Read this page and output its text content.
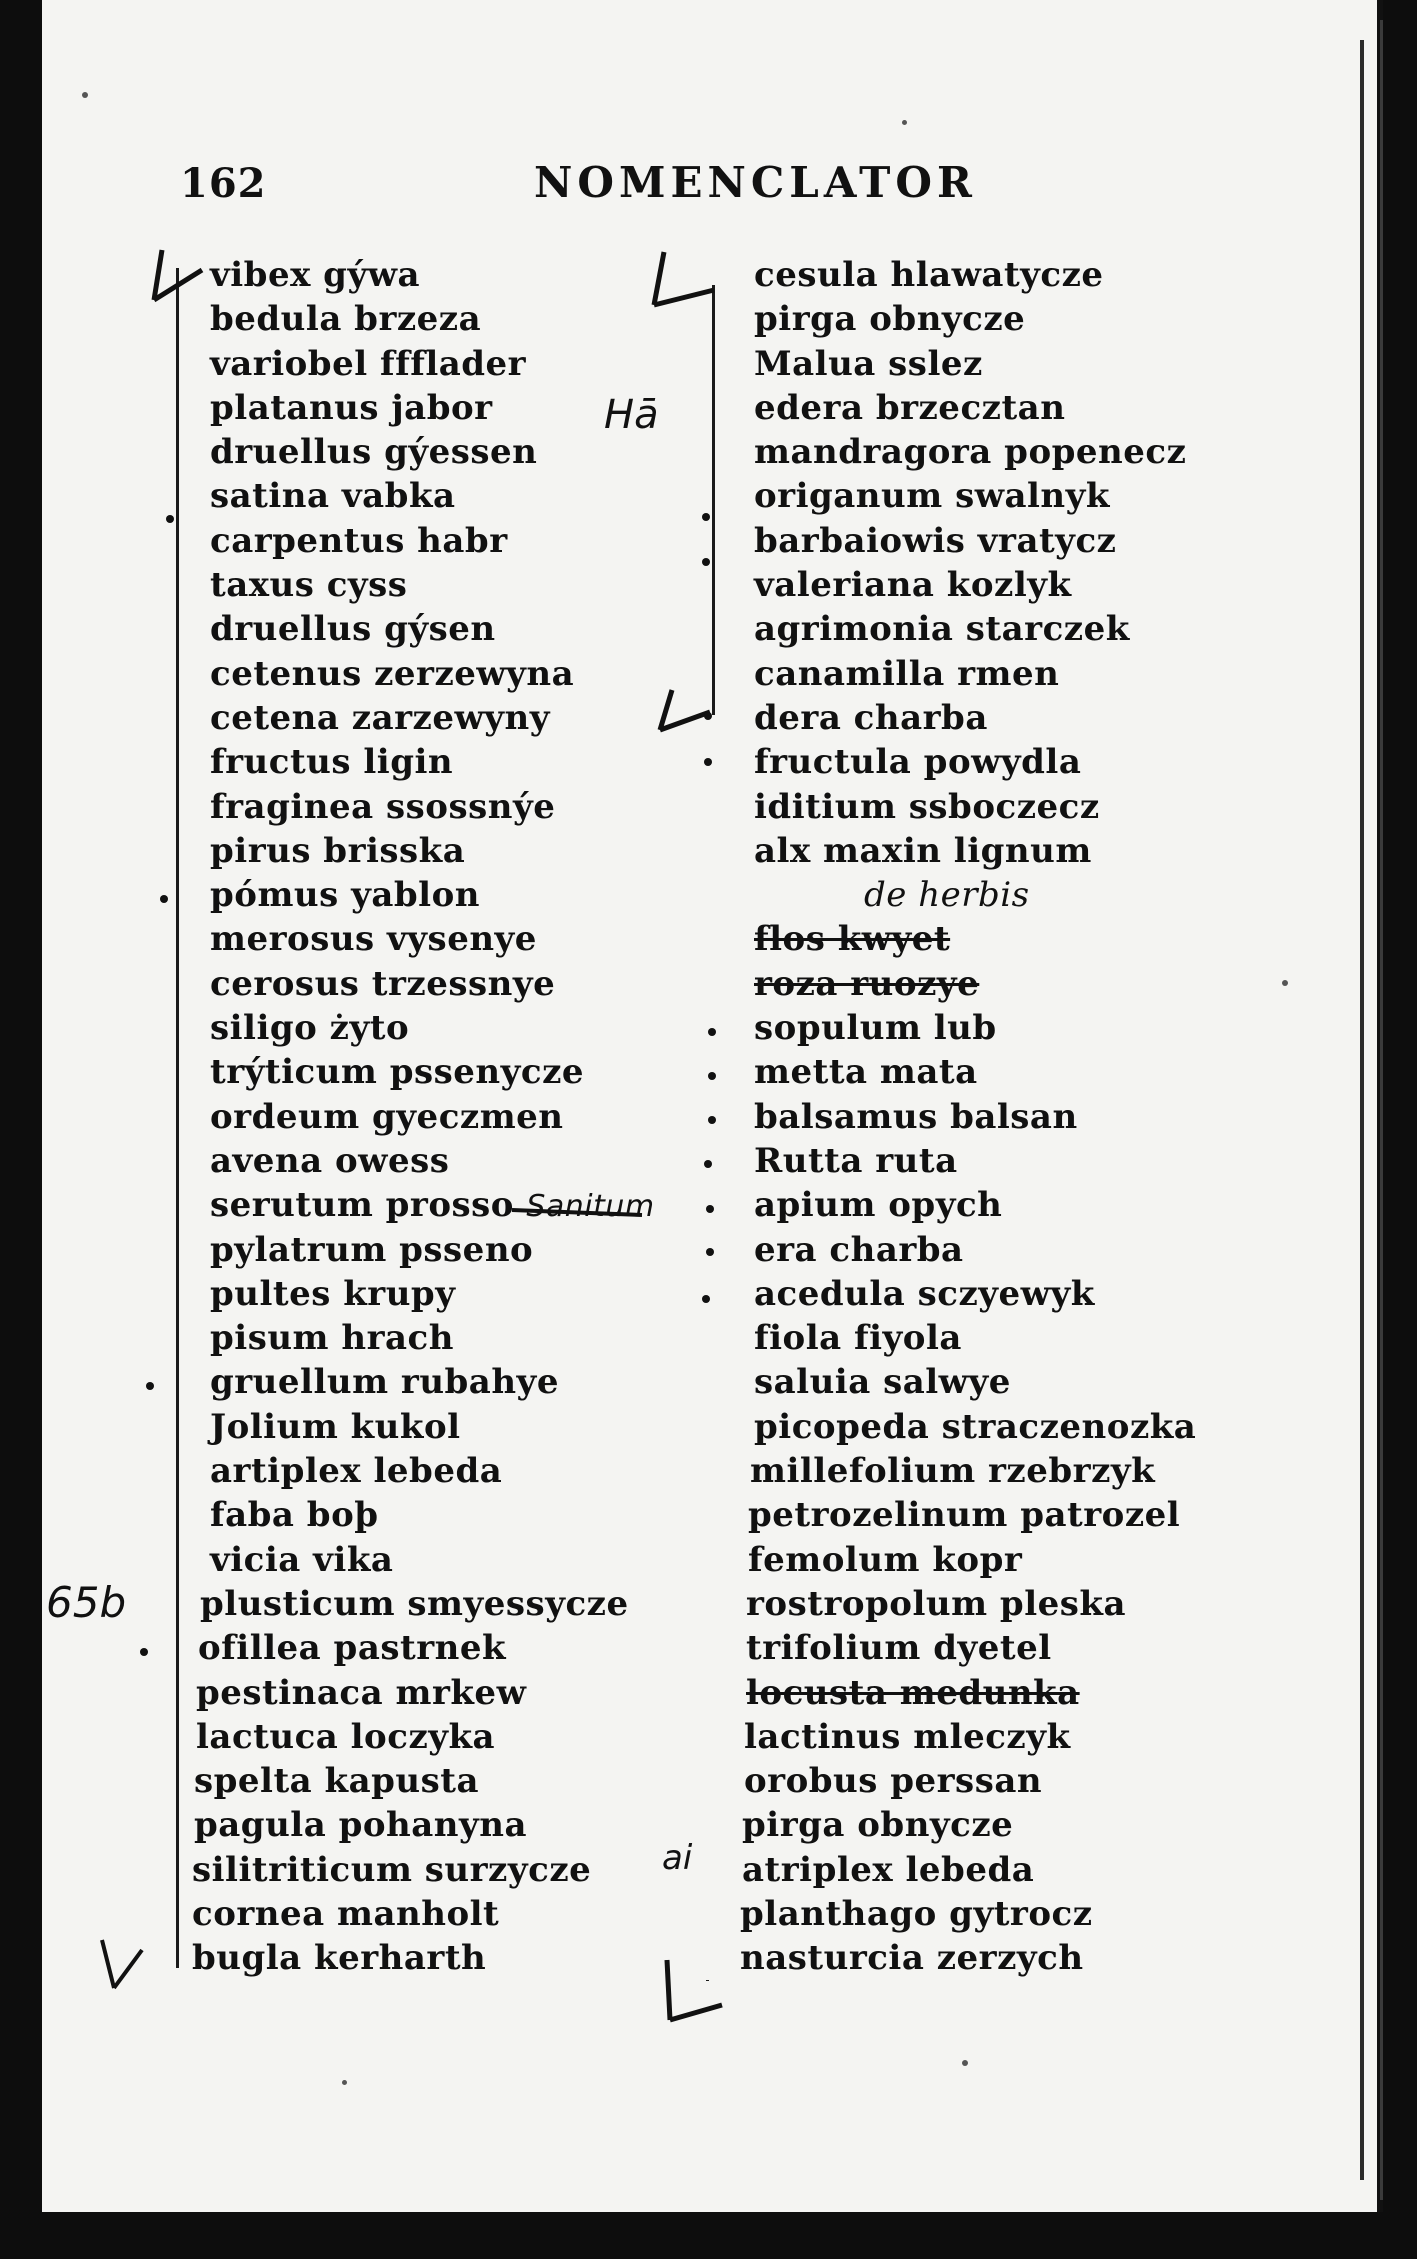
162	NOMENCLATOR
Hā
65b
ai
vibex gýwa
bedula brzeza
variobel ffflader
platanus jabor
druellus gýessen
satina vabka
carpentus habr
taxus cyss
druellus gýsen
cetenus zerzewyna
cetena zarzewyny
fructus ligin
fraginea ssossnýe
pirus brisska
pómus yablon
merosus vysenye
cerosus trzessnye
siligo żyto
trýticum pssenycze
ordeum gyeczmen
avena owess
serutum prosso Sanitum
pylatrum psseno
pultes krupy
pisum hrach
gruellum rubahye
Jolium kukol
artiplex lebeda
faba boþ
vicia vika
plusticum smyessycze
ofillea pastrnek
pestinaca mrkew
lactuca loczyka
spelta kapusta
pagula pohanyna
silitriticum surzycze
cornea manholt
bugla kerharth
cesula hlawatycze
pirga obnycze
Malua sslez
edera brzecztan
mandragora popenecz
origanum swalnyk
barbaiowis vratycz
valeriana kozlyk
agrimonia starczek
canamilla rmen
dera charba
fructula powydla
iditium ssboczecz
alx maxin lignum
de herbis
flos kwyet
roza ruozye
sopulum lub
metta mata
balsamus balsan
Rutta ruta
apium opych
era charba
acedula sczyewyk
fiola fiyola
saluia salwye
picopeda straczenozka
millefolium rzebrzyk
petrozelinum patrozel
femolum kopr
rostropolum pleska
trifolium dyetel
locusta medunka
lactinus mleczyk
orobus perssan
pirga obnycze
atriplex lebeda
planthago gytrocz
nasturcia zerzych
